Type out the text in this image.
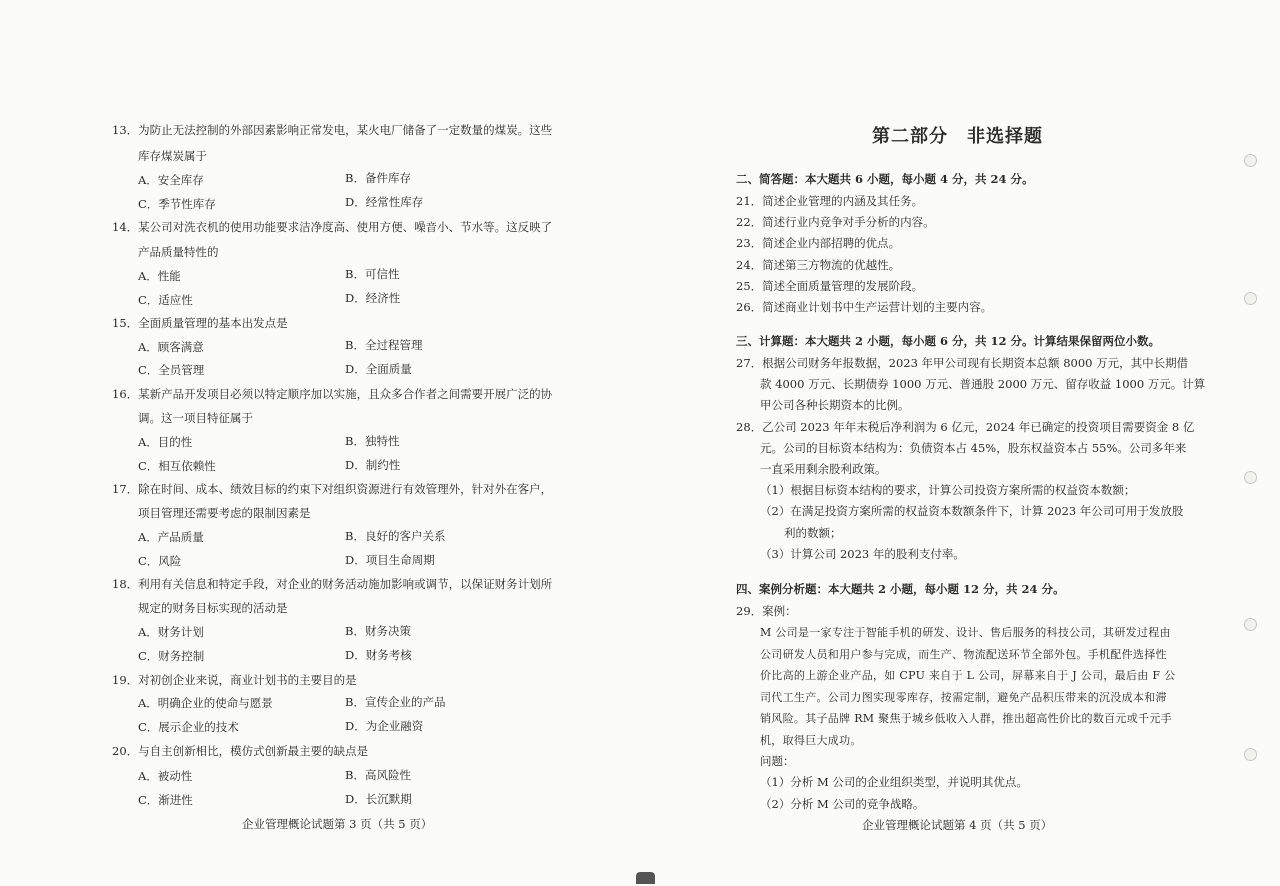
13．为防止无法控制的外部因素影响正常发电，某火电厂储备了一定数量的煤炭。这些
库存煤炭属于
A．安全库存	B．备件库存
C．季节性库存	D．经常性库存
14．某公司对洗衣机的使用功能要求洁净度高、使用方便、噪音小、节水等。这反映了
产品质量特性的
A．性能	B．可信性
C．适应性	D．经济性
15．全面质量管理的基本出发点是
A．顾客满意	B．全过程管理
C．全员管理	D．全面质量
16．某新产品开发项目必须以特定顺序加以实施，且众多合作者之间需要开展广泛的协
调。这一项目特征属于
A．目的性	B．独特性
C．相互依赖性	D．制约性
17．除在时间、成本、绩效目标的约束下对组织资源进行有效管理外，针对外在客户，
项目管理还需要考虑的限制因素是
A．产品质量	B．良好的客户关系
C．风险	D．项目生命周期
18．利用有关信息和特定手段，对企业的财务活动施加影响或调节，以保证财务计划所
规定的财务目标实现的活动是
A．财务计划	B．财务决策
C．财务控制	D．财务考核
19．对初创企业来说，商业计划书的主要目的是
A．明确企业的使命与愿景	B．宣传企业的产品
C．展示企业的技术	D．为企业融资
20．与自主创新相比，模仿式创新最主要的缺点是
A．被动性	B．高风险性
C．渐进性	D．长沉默期
企业管理概论试题第 3 页（共 5 页）
第二部分　非选择题
二、简答题：本大题共 6 小题，每小题 4 分，共 24 分。
21．简述企业管理的内涵及其任务。
22．简述行业内竞争对手分析的内容。
23．简述企业内部招聘的优点。
24．简述第三方物流的优越性。
25．简述全面质量管理的发展阶段。
26．简述商业计划书中生产运营计划的主要内容。
三、计算题：本大题共 2 小题，每小题 6 分，共 12 分。计算结果保留两位小数。
27．根据公司财务年报数据，2023 年甲公司现有长期资本总额 8000 万元，其中长期借
款 4000 万元、长期债券 1000 万元、普通股 2000 万元、留存收益 1000 万元。计算
甲公司各种长期资本的比例。
28．乙公司 2023 年年末税后净利润为 6 亿元，2024 年已确定的投资项目需要资金 8 亿
元。公司的目标资本结构为：负债资本占 45%，股东权益资本占 55%。公司多年来
一直采用剩余股利政策。
（1）根据目标资本结构的要求，计算公司投资方案所需的权益资本数额；
（2）在满足投资方案所需的权益资本数额条件下，计算 2023 年公司可用于发放股
利的数额；
（3）计算公司 2023 年的股利支付率。
四、案例分析题：本大题共 2 小题，每小题 12 分，共 24 分。
29．案例：
M 公司是一家专注于智能手机的研发、设计、售后服务的科技公司，其研发过程由
公司研发人员和用户参与完成，而生产、物流配送环节全部外包。手机配件选择性
价比高的上游企业产品，如 CPU 来自于 L 公司，屏幕来自于 J 公司，最后由 F 公
司代工生产。公司力图实现零库存，按需定制，避免产品积压带来的沉没成本和滞
销风险。其子品牌 RM 聚焦于城乡低收入人群，推出超高性价比的数百元或千元手
机，取得巨大成功。
问题：
（1）分析 M 公司的企业组织类型，并说明其优点。
（2）分析 M 公司的竞争战略。
企业管理概论试题第 4 页（共 5 页）
